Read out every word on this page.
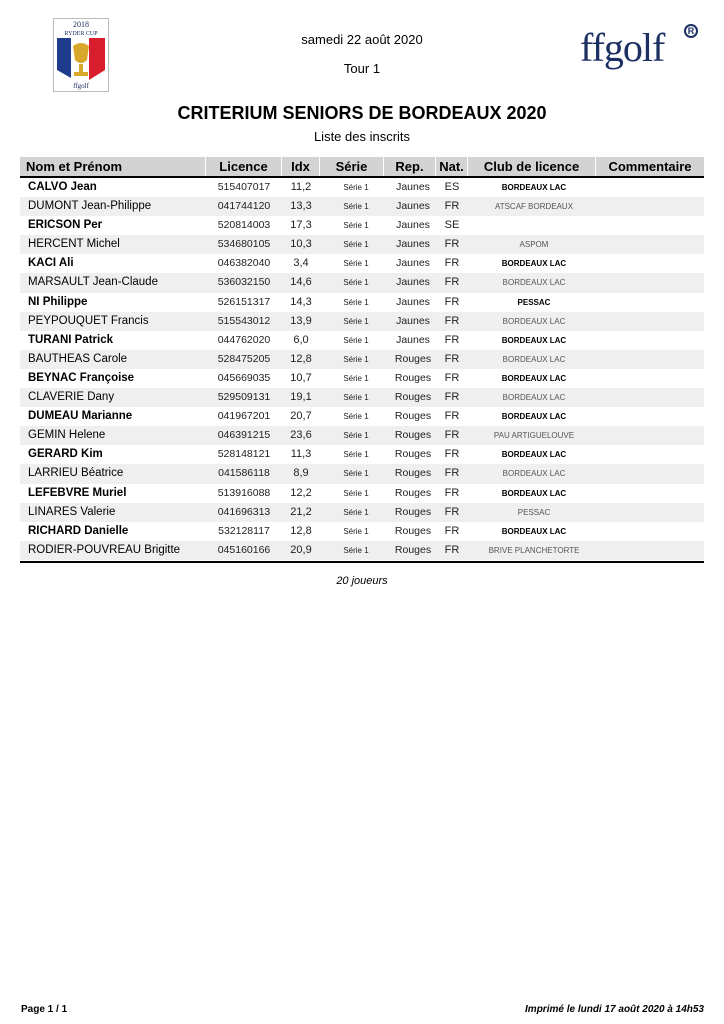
2018
RYDER CUP
ffgolf
ffgolf	R
samedi 22 août 2020
Tour 1
CRITERIUM SENIORS DE BORDEAUX 2020
Liste des inscrits
Nom et Prénom	Licence	Idx	Série	Rep.	Nat.	Club de licence	Commentaire
CALVO Jean	515407017	11,2	Série 1	Jaunes	ES	BORDEAUX LAC
DUMONT Jean-Philippe	041744120	13,3	Série 1	Jaunes	FR	ATSCAF BORDEAUX
ERICSON Per	520814003	17,3	Série 1	Jaunes	SE
HERCENT Michel	534680105	10,3	Série 1	Jaunes	FR	ASPOM
KACI Ali	046382040	3,4	Série 1	Jaunes	FR	BORDEAUX LAC
MARSAULT Jean-Claude	536032150	14,6	Série 1	Jaunes	FR	BORDEAUX LAC
NI Philippe	526151317	14,3	Série 1	Jaunes	FR	PESSAC
PEYPOUQUET Francis	515543012	13,9	Série 1	Jaunes	FR	BORDEAUX LAC
TURANI Patrick	044762020	6,0	Série 1	Jaunes	FR	BORDEAUX LAC
BAUTHEAS Carole	528475205	12,8	Série 1	Rouges	FR	BORDEAUX LAC
BEYNAC Françoise	045669035	10,7	Série 1	Rouges	FR	BORDEAUX LAC
CLAVERIE Dany	529509131	19,1	Série 1	Rouges	FR	BORDEAUX LAC
DUMEAU Marianne	041967201	20,7	Série 1	Rouges	FR	BORDEAUX LAC
GEMIN Helene	046391215	23,6	Série 1	Rouges	FR	PAU ARTIGUELOUVE
GERARD Kim	528148121	11,3	Série 1	Rouges	FR	BORDEAUX LAC
LARRIEU Béatrice	041586118	8,9	Série 1	Rouges	FR	BORDEAUX LAC
LEFEBVRE Muriel	513916088	12,2	Série 1	Rouges	FR	BORDEAUX LAC
LINARES Valerie	041696313	21,2	Série 1	Rouges	FR	PESSAC
RICHARD Danielle	532128117	12,8	Série 1	Rouges	FR	BORDEAUX LAC
RODIER-POUVREAU Brigitte	045160166	20,9	Série 1	Rouges	FR	BRIVE PLANCHETORTE
20 joueurs
Page 1 / 1	Imprimé le lundi 17 août 2020 à 14h53
